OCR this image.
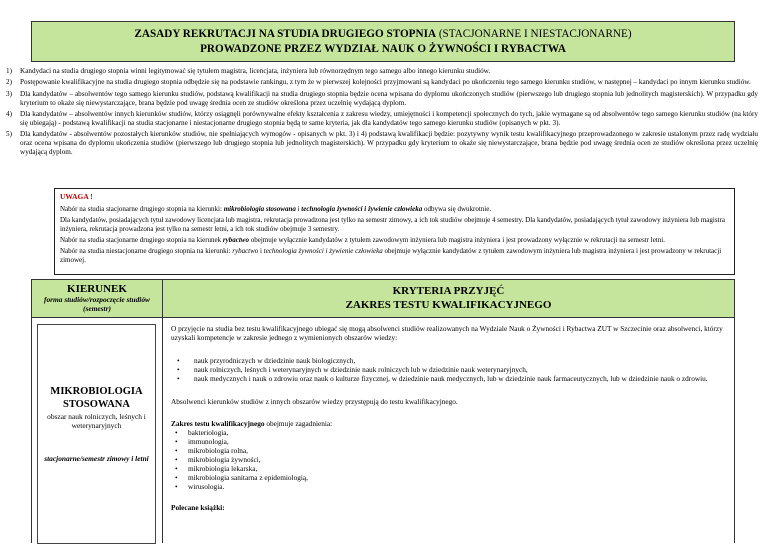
ZASADY REKRUTACJI NA STUDIA DRUGIEGO STOPNIA (STACJONARNE I NIESTACJONARNE)
PROWADZONE PRZEZ WYDZIAŁ NAUK O ŻYWNOŚCI I RYBACTWA
1)	Kandydaci na studia drugiego stopnia winni legitymować się tytułem magistra, licencjata, inżyniera lub równorzędnym tego samego albo innego kierunku studiów.
2)	Postępowanie kwalifikacyjne na studia drugiego stopnia odbędzie się na podstawie rankingu, z tym że w pierwszej kolejności przyjmowani są kandydaci po ukończeniu tego samego kierunku studiów, w następnej – kandydaci po innym kierunku studiów.
3)	Dla kandydatów – absolwentów tego samego kierunku studiów, podstawą kwalifikacji na studia drugiego stopnia będzie ocena wpisana do dyplomu ukończonych studiów (pierwszego lub drugiego stopnia lub jednolitych magisterskich). W przypadku gdy kryterium to okaże się niewystarczające, brana będzie pod uwagę średnia ocen ze studiów określona przez uczelnię wydającą dyplom.
4)	Dla kandydatów – absolwentów innych kierunków studiów, którzy osiągnęli porównywalne efekty kształcenia z zakresu wiedzy, umiejętności i kompetencji społecznych do tych, jakie wymagane są od absolwentów tego samego kierunku studiów (na który się ubiegają) - podstawą kwalifikacji na studia stacjonarne i niestacjonarne drugiego stopnia będą te same kryteria, jak dla kandydatów tego samego kierunku studiów (opisanych w pkt. 3).
5)	Dla kandydatów - absolwentów pozostałych kierunków studiów, nie spełniających wymogów - opisanych w pkt. 3) i 4) podstawą kwalifikacji będzie: pozytywny wynik testu kwalifikacyjnego przeprowadzonego w zakresie ustalonym przez radę wydziału oraz ocena wpisana do dyplomu ukończenia studiów (pierwszego lub drugiego stopnia lub jednolitych magisterskich). W przypadku gdy kryterium to okaże się niewystarczające, brana będzie pod uwagę średnia ocen ze studiów określona przez uczelnię wydającą dyplom.
UWAGA !

Nabór na studia stacjonarne drugiego stopnia na kierunki: mikrobiologia stosowana i technologia żywności i żywienie człowieka odbywa się dwukrotnie.

Dla kandydatów, posiadających tytuł zawodowy licencjata lub magistra, rekrutacja prowadzona jest tylko na semestr zimowy, a ich tok studiów obejmuje 4 semestry. Dla kandydatów, posiadających tytuł zawodowy inżyniera lub magistra inżyniera, rekrutacja prowadzona jest tylko na semestr letni, a ich tok studiów obejmuje 3 semestry.

Nabór na studia stacjonarne drugiego stopnia na kierunek rybactwo obejmuje wyłącznie kandydatów z tytułem zawodowym inżyniera lub magistra inżyniera i jest prowadzony wyłącznie w rekrutacji na semestr letni.

Nabór na studia niestacjonarne drugiego stopnia na kierunki: rybactwo i technologia żywności i żywienie człowieka obejmuje wyłącznie kandydatów z tytułem zawodowym inżyniera lub magistra inżyniera i jest prowadzony w rekrutacji zimowej.

KIERUNEK
forma studiów/rozpoczęcie studiów (semestr)
KRYTERIA PRZYJĘĆ
ZAKRES TESTU KWALIFIKACYJNEGO
MIKROBIOLOGIA STOSOWANA
obszar nauk rolniczych, leśnych i weterynaryjnych
stacjonarne/semestr zimowy i letni

O przyjęcie na studia bez testu kwalifikacyjnego ubiegać się mogą absolwenci studiów realizowanych na Wydziale Nauk o Żywności i Rybactwa ZUT w Szczecinie oraz absolwenci, którzy uzyskali kompetencje w zakresie jednego z wymienionych obszarów wiedzy:

• nauk przyrodniczych w dziedzinie nauk biologicznych,
• nauk rolniczych, leśnych i weterynaryjnych w dziedzinie nauk rolniczych lub w dziedzinie nauk weterynaryjnych,
• nauk medycznych i nauk o zdrowiu oraz nauk o kulturze fizycznej, w dziedzinie nauk medycznych, lub w dziedzinie nauk farmaceutycznych, lub w dziedzinie nauk o zdrowiu.

Absolwenci kierunków studiów z innych obszarów wiedzy przystępują do testu kwalifikacyjnego.

Zakres testu kwalifikacyjnego obejmuje zagadnienia:

• bakteriologia,
• immunologia,
• mikrobiologia rolna,
• mikrobiologia żywności,
• mikrobiologia lekarska,
• mikrobiologia sanitarna z epidemiologią,
• wirusologia.

Polecane książki:
